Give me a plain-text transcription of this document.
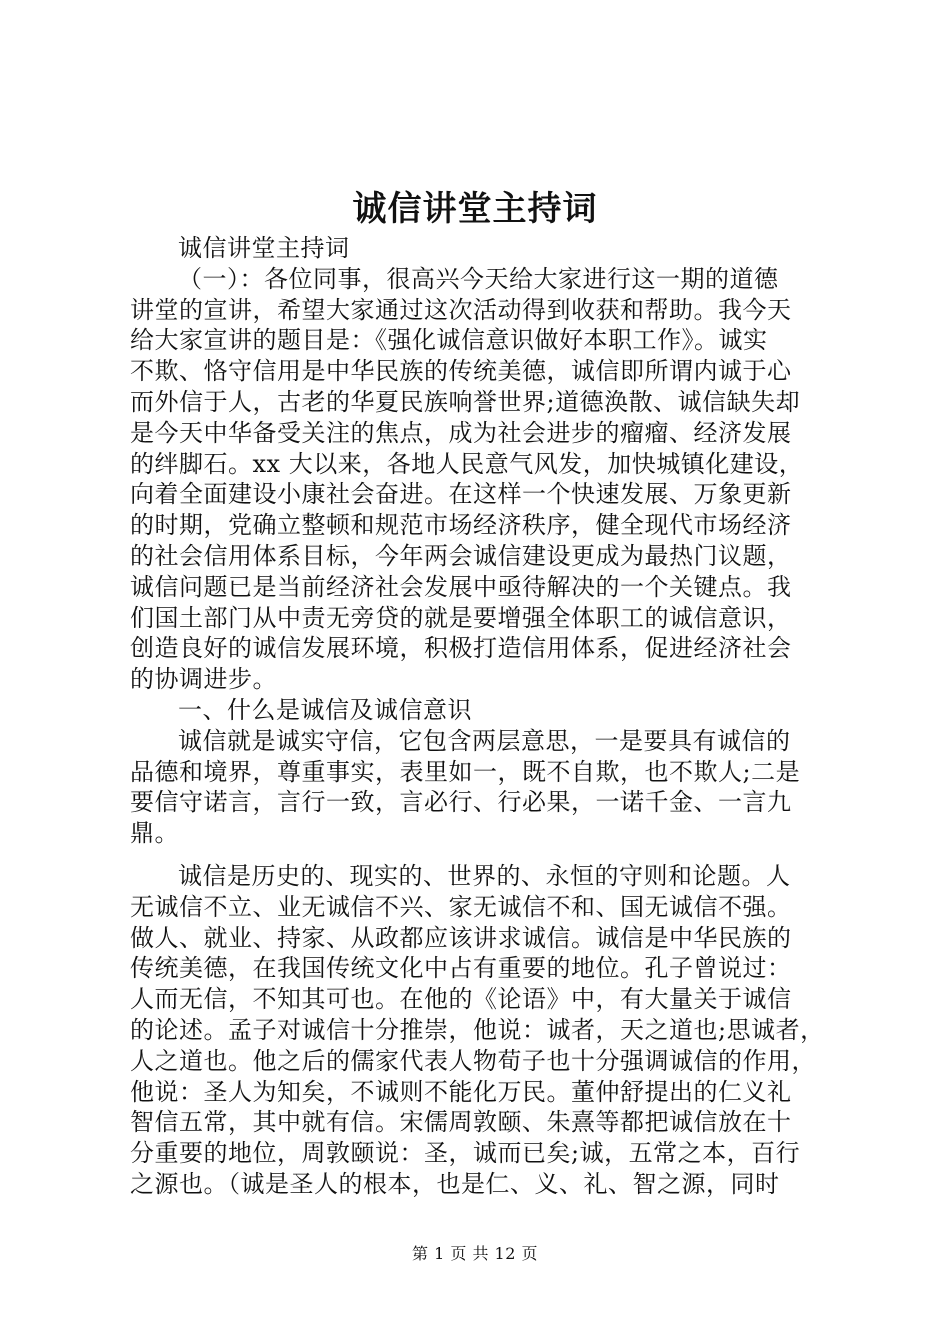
诚信讲堂主持词

诚信讲堂主持词

（一）：各位同事，很高兴今天给大家进行这一期的道德

讲堂的宣讲，希望大家通过这次活动得到收获和帮助。我今天

给大家宣讲的题目是：《强化诚信意识做好本职工作》。诚实

不欺、恪守信用是中华民族的传统美德，诚信即所谓内诚于心

而外信于人，古老的华夏民族响誉世界;道德涣散、诚信缺失却

是今天中华备受关注的焦点，成为社会进步的瘤瘤、经济发展

的绊脚石。xx 大以来，各地人民意气风发，加快城镇化建设，

向着全面建设小康社会奋进。在这样一个快速发展、万象更新

的时期，党确立整顿和规范市场经济秩序，健全现代市场经济

的社会信用体系目标，今年两会诚信建设更成为最热门议题，

诚信问题已是当前经济社会发展中亟待解决的一个关键点。我

们国土部门从中责无旁贷的就是要增强全体职工的诚信意识，

创造良好的诚信发展环境，积极打造信用体系，促进经济社会

的协调进步。

一、什么是诚信及诚信意识

诚信就是诚实守信，它包含两层意思，一是要具有诚信的

品德和境界，尊重事实，表里如一，既不自欺，也不欺人;二是

要信守诺言，言行一致，言必行、行必果，一诺千金、一言九

鼎。

诚信是历史的、现实的、世界的、永恒的守则和论题。人

无诚信不立、业无诚信不兴、家无诚信不和、国无诚信不强。

做人、就业、持家、从政都应该讲求诚信。诚信是中华民族的

传统美德，在我国传统文化中占有重要的地位。孔子曾说过：

人而无信，不知其可也。在他的《论语》中，有大量关于诚信

的论述。孟子对诚信十分推崇，他说：诚者，天之道也;思诚者，

人之道也。他之后的儒家代表人物荀子也十分强调诚信的作用，

他说：圣人为知矣，不诚则不能化万民。董仲舒提出的仁义礼

智信五常，其中就有信。宋儒周敦颐、朱熹等都把诚信放在十

分重要的地位，周敦颐说：圣，诚而已矣;诚，五常之本，百行

之源也。（诚是圣人的根本，也是仁、义、礼、智之源，同时

第 1 页 共 12 页
